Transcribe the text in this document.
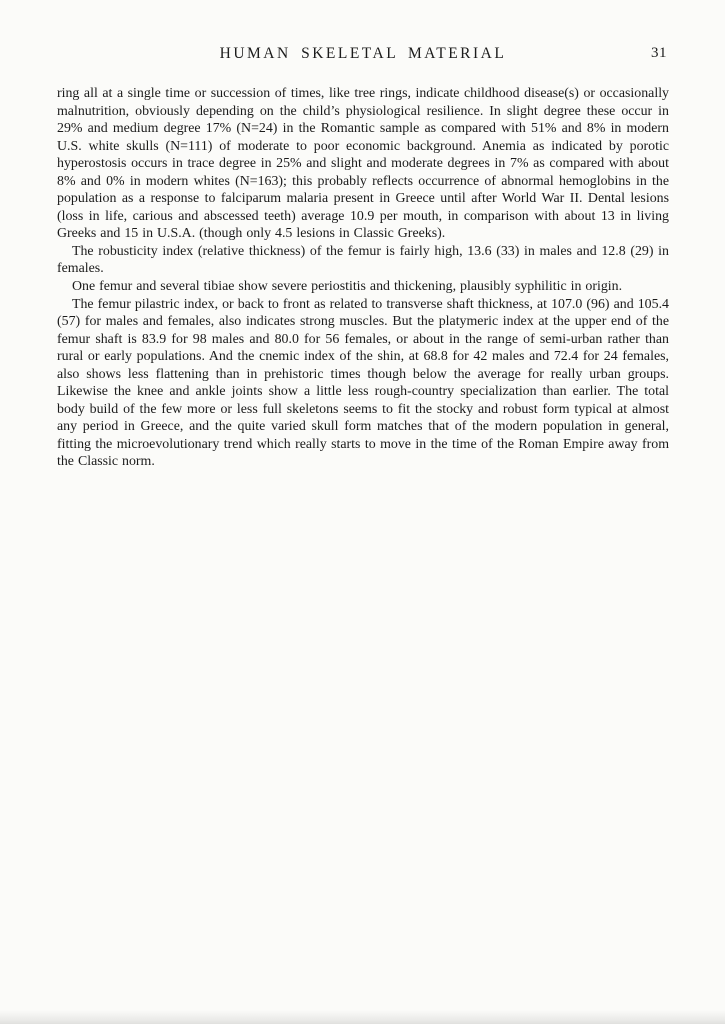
HUMAN SKELETAL MATERIAL	31

ring all at a single time or succession of times, like tree rings, indicate childhood disease(s) or occasionally malnutrition, obviously depending on the child’s physiological resilience. In slight degree these occur in 29% and medium degree 17% (N=24) in the Romantic sample as compared with 51% and 8% in modern U.S. white skulls (N=111) of moderate to poor economic background. Anemia as indicated by porotic hyperostosis occurs in trace degree in 25% and slight and moderate degrees in 7% as compared with about 8% and 0% in modern whites (N=163); this probably reflects occurrence of abnormal hemoglobins in the population as a response to falciparum malaria present in Greece until after World War II. Dental lesions (loss in life, carious and abscessed teeth) average 10.9 per mouth, in comparison with about 13 in living Greeks and 15 in U.S.A. (though only 4.5 lesions in Classic Greeks).

The robusticity index (relative thickness) of the femur is fairly high, 13.6 (33) in males and 12.8 (29) in females.

One femur and several tibiae show severe periostitis and thickening, plausibly syphilitic in origin.

The femur pilastric index, or back to front as related to transverse shaft thickness, at 107.0 (96) and 105.4 (57) for males and females, also indicates strong muscles. But the platymeric index at the upper end of the femur shaft is 83.9 for 98 males and 80.0 for 56 females, or about in the range of semi-urban rather than rural or early populations. And the cnemic index of the shin, at 68.8 for 42 males and 72.4 for 24 females, also shows less flattening than in prehistoric times though below the average for really urban groups. Likewise the knee and ankle joints show a little less rough-country specialization than earlier. The total body build of the few more or less full skeletons seems to fit the stocky and robust form typical at almost any period in Greece, and the quite varied skull form matches that of the modern population in general, fitting the microevolutionary trend which really starts to move in the time of the Roman Empire away from the Classic norm.
